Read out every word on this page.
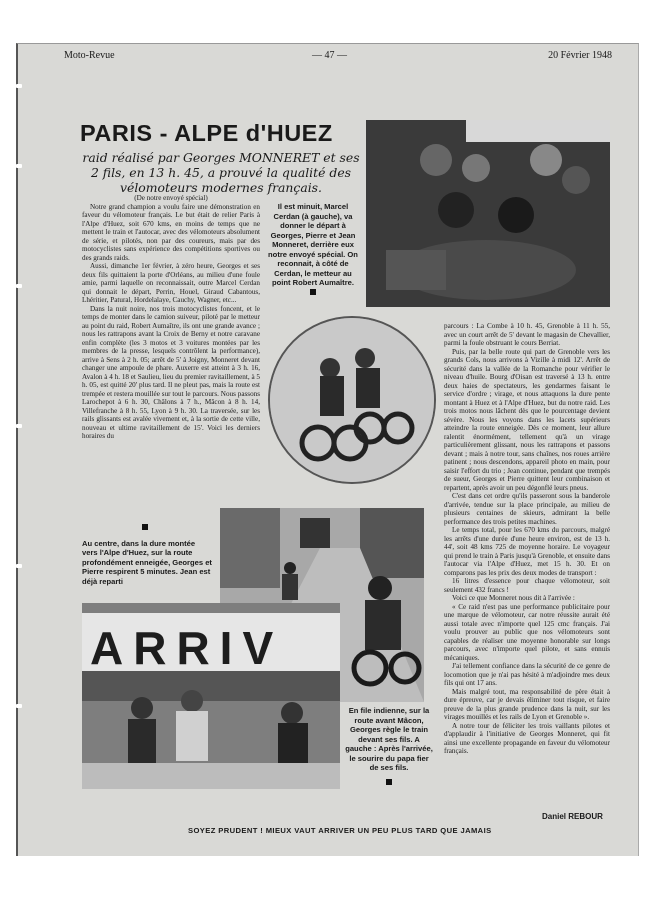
Moto-Revue	— 47 —	20 Février 1948
PARIS - ALPE d'HUEZ
raid réalisé par Georges MONNERET et ses 2 fils, en 13 h. 45, a prouvé la qualité des vélomoteurs modernes français.

(De notre envoyé spécial)

Notre grand champion a voulu faire une démonstration en faveur du vélomoteur français. Le but était de relier Paris à l'Alpe d'Huez, soit 670 kms, en moins de temps que ne mettent le train et l'autocar, avec des vélomoteurs absolument de série, et pilotés, non par des coureurs, mais par des motocyclistes sans expérience des compétitions sportives ou des grands raids.

Aussi, dimanche 1er février, à zéro heure, Georges et ses deux fils quittaient la porte d'Orléans, au milieu d'une foule amie, parmi laquelle on reconnaissait, outre Marcel Cerdan qui donnait le départ, Perrin, Houel, Giraud Cabantous, Lhéritier, Patural, Hordelalaye, Cauchy, Wagner, etc...

Dans la nuit noire, nos trois motocyclistes foncent, et le temps de monter dans le camion suiveur, piloté par le metteur au point du raid, Robert Aumaître, ils ont une grande avance ; nous les rattrapons avant la Croix de Berny et notre caravane enfin complète (les 3 motos et 3 voitures montées par les membres de la presse, lesquels contrôlent la performance), arrive à Sens à 2 h. 05; arrêt de 5' à Joigny, Monneret devant changer une ampoule de phare. Auxerre est atteint à 3 h. 16, Avalon à 4 h. 18 et Saulieu, lieu du premier ravitaillement, à 5 h. 05, est quitté 20' plus tard. Il ne pleut pas, mais la route est trempée et restera mouillée sur tout le parcours. Nous passons Larochepot à 6 h. 30, Châlons à 7 h., Mâcon à 8 h. 14, Villefranche à 8 h. 55, Lyon à 9 h. 30. La traversée, sur les rails glissants est avalée vivement et, à la sortie de cette ville, nouveau et ultime ravitaillement de 15'. Voici les derniers horaires du

Il est minuit, Marcel Cerdan (à gauche), va donner le départ à Georges, Pierre et Jean Monneret, derrière eux notre envoyé spécial. On reconnait, à côté de Cerdan, le metteur au point Robert Aumaître.

parcours : La Combe à 10 h. 45, Grenoble à 11 h. 55, avec un court arrêt de 5' devant le magasin de Chevallier, parmi la foule obstruant le cours Berriat.

Puis, par la belle route qui part de Grenoble vers les grands Cols, nous arrivons à Vizille à midi 12'. Arrêt de sécurité dans la vallée de la Romanche pour vérifier le niveau d'huile. Bourg d'Oisan est traversé à 13 h. entre deux haies de spectateurs, les gendarmes faisant le service d'ordre ; virage, et nous attaquons la dure pente montant à Huez et à l'Alpe d'Huez, but du notre raid. Les trois motos nous lâchent dès que le pourcentage devient sévère. Nous les voyons dans les lacets supérieurs atteindre la route enneigée. Dès ce moment, leur allure ralentit énormément, tellement qu'à un virage particulièrement glissant, nous les rattrapons et passons devant ; mais à notre tour, sans chaînes, nos roues arrière patinent ; nous descendons, appareil photo en main, pour saisir l'effort du trio ; Jean continue, pendant que trempés de sueur, Georges et Pierre quittent leur combinaison et repartent, après avoir un peu dégonflé leurs pneus.

C'est dans cet ordre qu'ils passeront sous la banderole d'arrivée, tendue sur la place principale, au milieu de plusieurs centaines de skieurs, admirant la belle performance des trois petites machines.

Le temps total, pour les 670 kms du parcours, malgré les arrêts d'une durée d'une heure environ, est de 13 h. 44', soit 48 kms 725 de moyenne horaire. Le voyageur qui prend le train à Paris jusqu'à Grenoble, et ensuite dans l'autocar via l'Alpe d'Huez, met 15 h. 30. Et on comparons pas les prix des deux modes de transport :

16 litres d'essence pour chaque vélomoteur, soit seulement 432 francs !

Voici ce que Monneret nous dit à l'arrivée :

« Ce raid n'est pas une performance publicitaire pour une marque de vélomoteur, car notre réussite aurait été aussi totale avec n'importe quel 125 cmc français. J'ai voulu prouver au public que nos vélomoteurs sont capables de réaliser une moyenne honorable sur longs parcours, avec n'importe quel pilote, et sans ennuis mécaniques.

J'ai tellement confiance dans la sécurité de ce genre de locomotion que je n'ai pas hésité à m'adjoindre mes deux fils qui ont 17 ans.

Mais malgré tout, ma responsabilité de père était à dure épreuve, car je devais éliminer tout risque, et faire preuve de la plus grande prudence dans la nuit, sur les virages mouillés et les rails de Lyon et Grenoble ».

A notre tour de féliciter les trois vaillants pilotes et d'applaudir à l'initiative de Georges Monneret, qui fit ainsi une excellente propagande en faveur du vélomoteur français.

Au centre, dans la dure montée vers l'Alpe d'Huez, sur la route profondément enneigée, Georges et Pierre respirent 5 minutes. Jean est déjà reparti
ARRIV
En file indienne, sur la route avant Mâcon, Georges règle le train devant ses fils. A gauche : Après l'arrivée, le sourire du papa fier de ses fils.

Daniel REBOUR
SOYEZ PRUDENT ! MIEUX VAUT ARRIVER UN PEU PLUS TARD QUE JAMAIS
